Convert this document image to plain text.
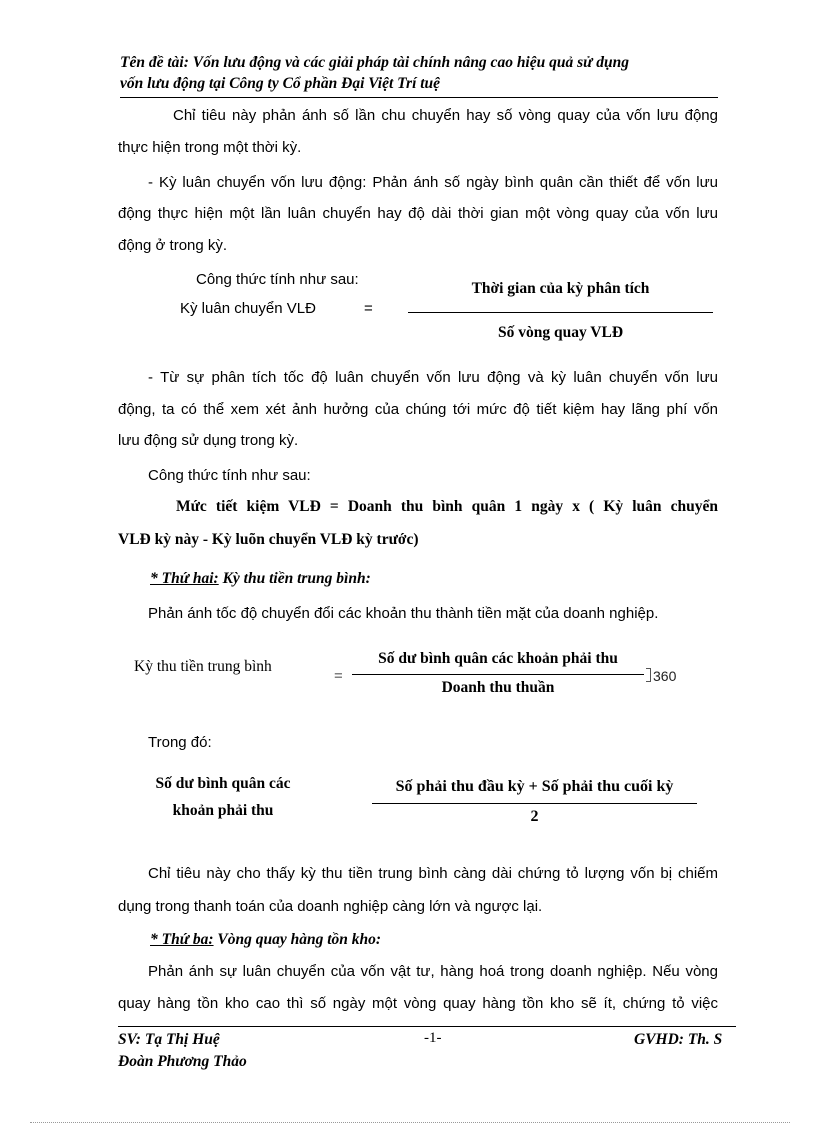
Tên đề tài: Vốn lưu động và các giải pháp tài chính nâng cao hiệu quả sử dụng
vốn lưu động tại Công ty Cổ phần Đại Việt Trí tuệ
Chỉ tiêu này phản ánh số lần chu chuyển hay số vòng quay của vốn lưu động
thực hiện trong một thời kỳ.
- Kỳ luân chuyển vốn lưu động: Phản ánh số ngày bình quân cần thiết để vốn lưu
động thực hiện một lần luân chuyển hay độ dài thời gian một vòng quay của vốn lưu
động ở trong kỳ.
Công thức tính như sau:
Kỳ luân chuyển VLĐ	=
Thời gian của kỳ phân tích
Số vòng quay VLĐ
- Từ sự phân tích tốc độ luân chuyển vốn lưu động và kỳ luân chuyển vốn lưu
động, ta có thể xem xét ảnh hưởng của chúng tới mức độ tiết kiệm hay lãng phí vốn
lưu động sử dụng trong kỳ.
Công thức tính như sau:
Mức tiết kiệm VLĐ = Doanh thu bình quân 1 ngày x ( Kỳ luân chuyển
VLĐ kỳ này - Kỳ luõn chuyển VLĐ kỳ trước)
* Thứ hai: Kỳ thu tiền trung bình:
Phản ánh tốc độ chuyển đổi các khoản thu thành tiền mặt của doanh nghiệp.
Kỳ thu tiền trung bình
=
Số dư bình quân các khoản phải thu
Doanh thu thuần
360
Trong đó:
Số dư bình quân các
khoản phải thu
Số phải thu đầu kỳ + Số phải thu cuối kỳ
2
Chỉ tiêu này cho thấy kỳ thu tiền trung bình càng dài chứng tỏ lượng vốn bị chiếm
dụng trong thanh toán của doanh nghiệp càng lớn và ngược lại.
* Thứ ba: Vòng quay hàng tồn kho:
Phản ánh sự luân chuyển của vốn vật tư, hàng hoá trong doanh nghiệp. Nếu vòng
quay hàng tồn kho cao thì số ngày một vòng quay hàng tồn kho sẽ ít, chứng tỏ việc
SV: Tạ Thị Huệ
Đoàn Phương Thảo
-1-	GVHD: Th. S
